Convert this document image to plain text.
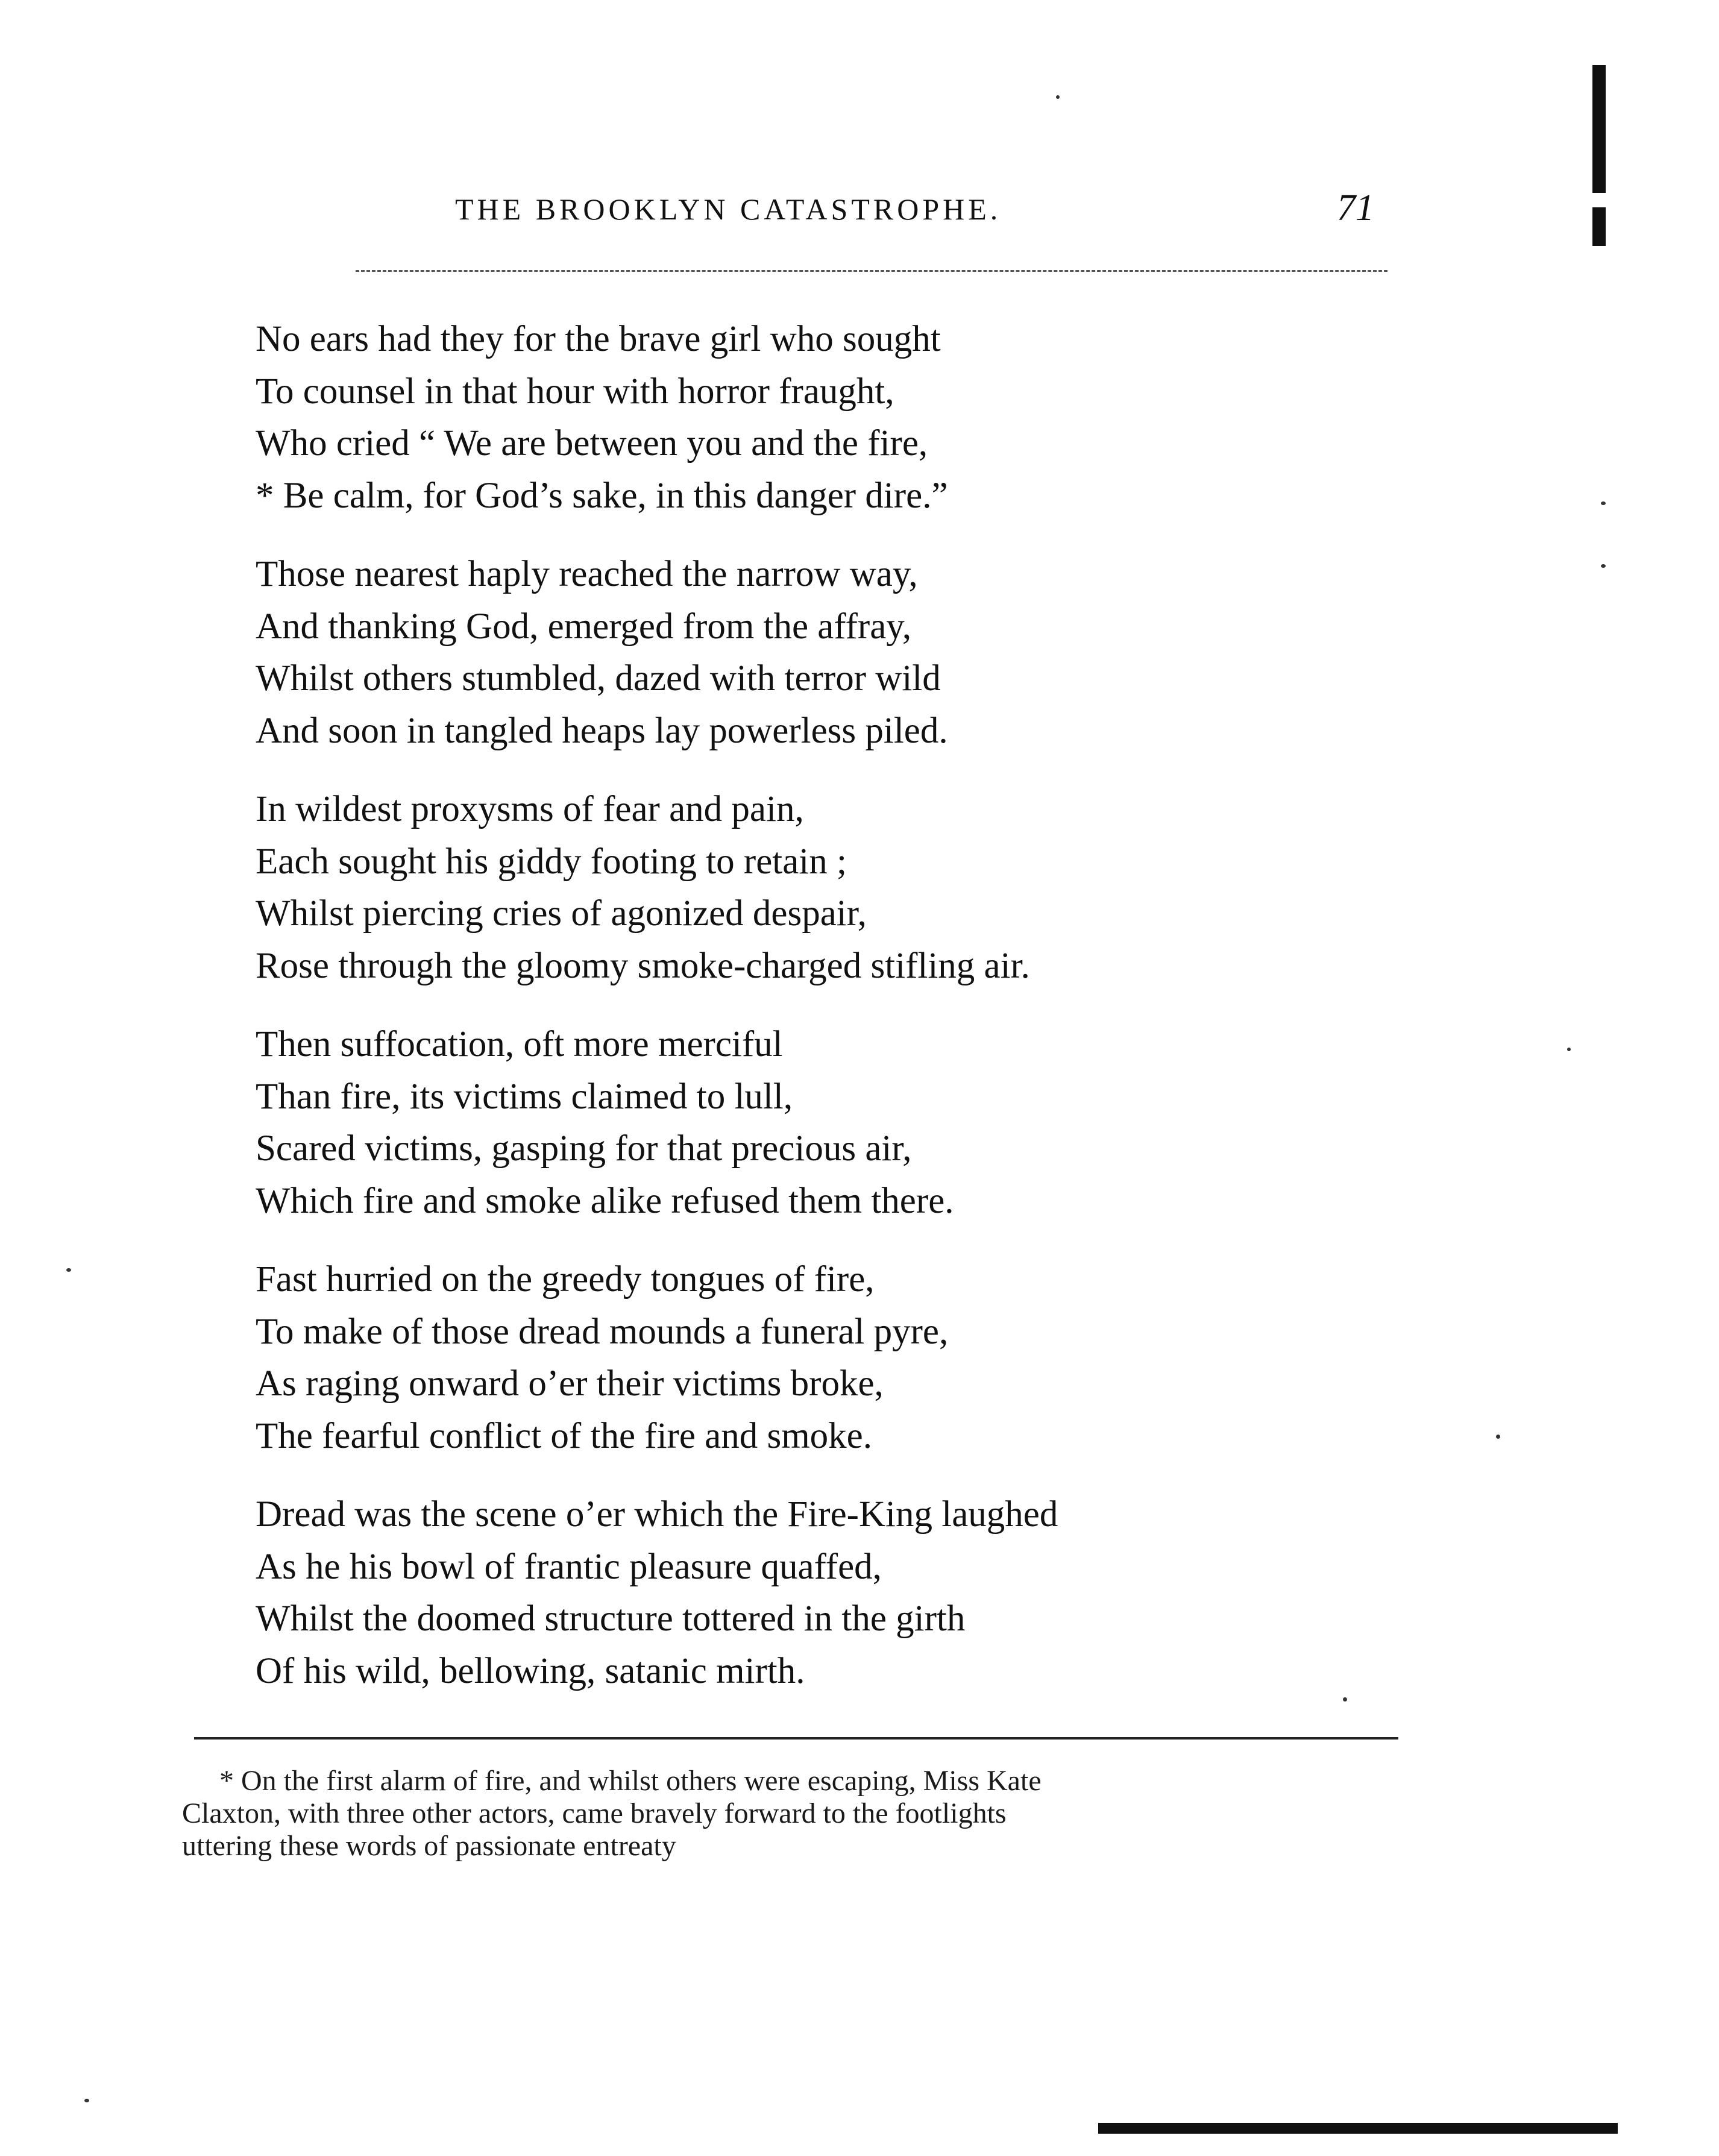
THE BROOKLYN CATASTROPHE.	71
No ears had they for the brave girl who sought
To counsel in that hour with horror fraught,
Who cried “ We are between you and the fire,
* Be calm, for God’s sake, in this danger dire.”
Those nearest haply reached the narrow way,
And thanking God, emerged from the affray,
Whilst others stumbled, dazed with terror wild
And soon in tangled heaps lay powerless piled.
In wildest proxysms of fear and pain,
Each sought his giddy footing to retain ;
Whilst piercing cries of agonized despair,
Rose through the gloomy smoke-charged stifling air.
Then suffocation, oft more merciful
Than fire, its victims claimed to lull,
Scared victims, gasping for that precious air,
Which fire and smoke alike refused them there.
Fast hurried on the greedy tongues of fire,
To make of those dread mounds a funeral pyre,
As raging onward o’er their victims broke,
The fearful conflict of the fire and smoke.
Dread was the scene o’er which the Fire-King laughed
As he his bowl of frantic pleasure quaffed,
Whilst the doomed structure tottered in the girth
Of his wild, bellowing, satanic mirth.
* On the first alarm of fire, and whilst others were escaping, Miss Kate
Claxton, with three other actors, came bravely forward to the footlights
uttering these words of passionate entreaty
